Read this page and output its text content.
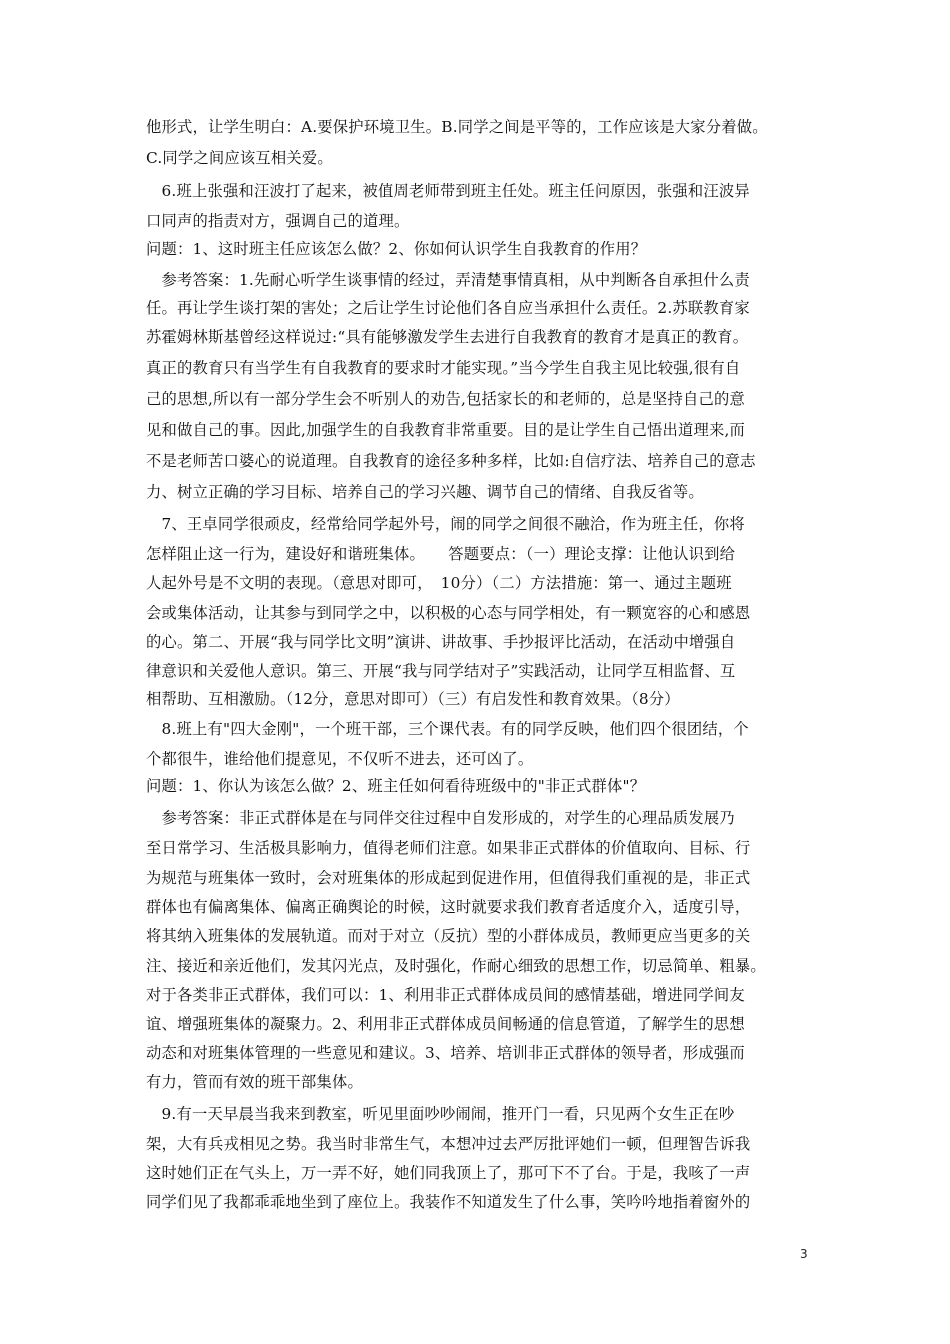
他形式，让学生明白：A.要保护环境卫生。B.同学之间是平等的，工作应该是大家分着做。
C.同学之间应该互相关爱。
　6.班上张强和汪波打了起来，被值周老师带到班主任处。班主任问原因，张强和汪波异
口同声的指责对方，强调自己的道理。
问题：1、这时班主任应该怎么做？2、你如何认识学生自我教育的作用？
　参考答案：1.先耐心听学生谈事情的经过，弄清楚事情真相，从中判断各自承担什么责
任。再让学生谈打架的害处；之后让学生讨论他们各自应当承担什么责任。2.苏联教育家
苏霍姆林斯基曾经这样说过:“具有能够激发学生去进行自我教育的教育才是真正的教育。
真正的教育只有当学生有自我教育的要求时才能实现。”当今学生自我主见比较强,很有自
己的思想,所以有一部分学生会不听别人的劝告,包括家长的和老师的，总是坚持自己的意
见和做自己的事。因此,加强学生的自我教育非常重要。目的是让学生自己悟出道理来,而
不是老师苦口婆心的说道理。自我教育的途径多种多样，比如:自信疗法、培养自己的意志
力、树立正确的学习目标、培养自己的学习兴趣、调节自己的情绪、自我反省等。
　7、王卓同学很顽皮，经常给同学起外号，闹的同学之间很不融洽，作为班主任，你将
怎样阻止这一行为，建设好和谐班集体。　　答题要点：（一）理论支撑：让他认识到给
人起外号是不文明的表现。（意思对即可，　10分）（二）方法措施：第一、通过主题班
会或集体活动，让其参与到同学之中，以积极的心态与同学相处，有一颗宽容的心和感恩
的心。第二、开展“我与同学比文明”演讲、讲故事、手抄报评比活动，在活动中增强自
律意识和关爱他人意识。第三、开展“我与同学结对子”实践活动，让同学互相监督、互
相帮助、互相激励。（12分，意思对即可）（三）有启发性和教育效果。（8分）
　8.班上有"四大金刚"，一个班干部，三个课代表。有的同学反映，他们四个很团结，个
个都很牛，谁给他们提意见，不仅听不进去，还可凶了。
问题：1、你认为该怎么做？2、班主任如何看待班级中的"非正式群体"？
　参考答案：非正式群体是在与同伴交往过程中自发形成的，对学生的心理品质发展乃
至日常学习、生活极具影响力，值得老师们注意。如果非正式群体的价值取向、目标、行
为规范与班集体一致时，会对班集体的形成起到促进作用，但值得我们重视的是，非正式
群体也有偏离集体、偏离正确舆论的时候，这时就要求我们教育者适度介入，适度引导，
将其纳入班集体的发展轨道。而对于对立（反抗）型的小群体成员，教师更应当更多的关
注、接近和亲近他们，发其闪光点，及时强化，作耐心细致的思想工作，切忌简单、粗暴。
对于各类非正式群体，我们可以：1、利用非正式群体成员间的感情基础，增进同学间友
谊、增强班集体的凝聚力。2、利用非正式群体成员间畅通的信息管道，了解学生的思想
动态和对班集体管理的一些意见和建议。3、培养、培训非正式群体的领导者，形成强而
有力，管而有效的班干部集体。
　9.有一天早晨当我来到教室，听见里面吵吵闹闹，推开门一看，只见两个女生正在吵
架，大有兵戎相见之势。我当时非常生气，本想冲过去严厉批评她们一顿，但理智告诉我
这时她们正在气头上，万一弄不好，她们同我顶上了，那可下不了台。于是，我咳了一声
同学们见了我都乖乖地坐到了座位上。我装作不知道发生了什么事，笑吟吟地指着窗外的
3
